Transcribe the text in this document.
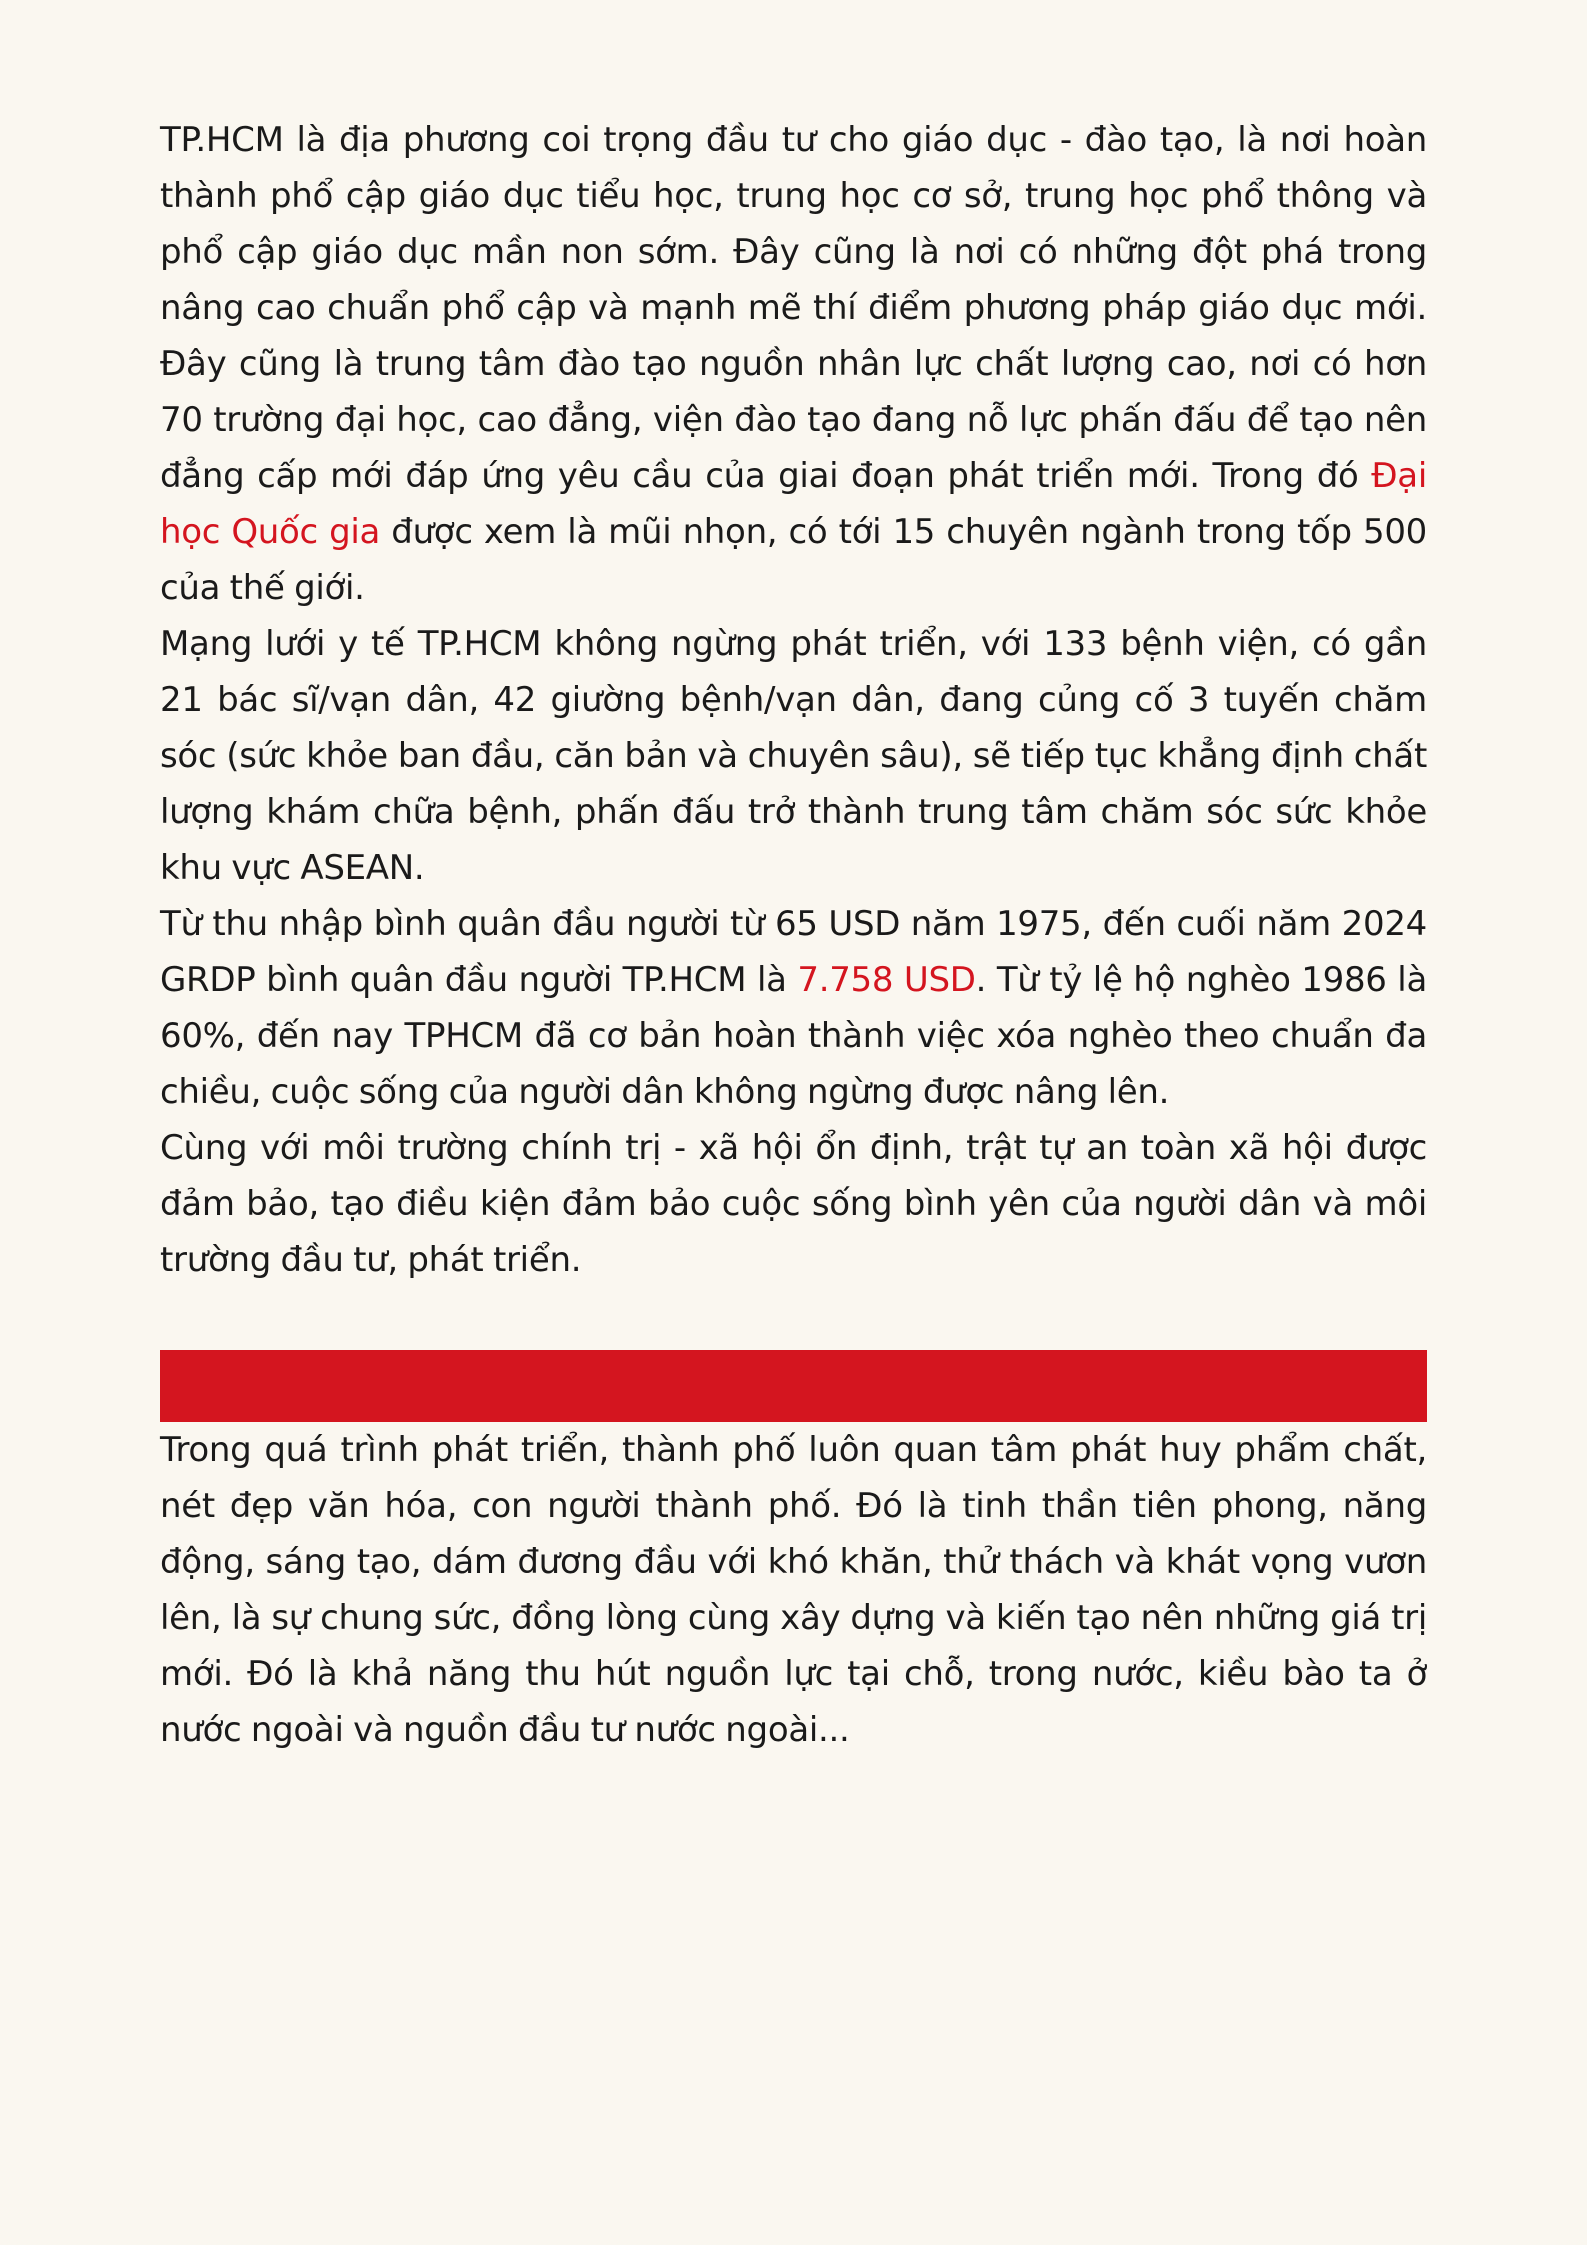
TP.HCM là địa phương coi trọng đầu tư cho giáo dục - đào tạo, là nơi hoàn thành phổ cập giáo dục tiểu học, trung học cơ sở, trung học phổ thông và phổ cập giáo dục mần non sớm. Đây cũng là nơi có những đột phá trong nâng cao chuẩn phổ cập và mạnh mẽ thí điểm phương pháp giáo dục mới. Đây cũng là trung tâm đào tạo nguồn nhân lực chất lượng cao, nơi có hơn 70 trường đại học, cao đẳng, viện đào tạo đang nỗ lực phấn đấu để tạo nên đẳng cấp mới đáp ứng yêu cầu của giai đoạn phát triển mới. Trong đó Đại học Quốc gia được xem là mũi nhọn, có tới 15 chuyên ngành trong tốp 500 của thế giới.

Mạng lưới y tế TP.HCM không ngừng phát triển, với 133 bệnh viện, có gần 21 bác sĩ/vạn dân, 42 giường bệnh/vạn dân, đang củng cố 3 tuyến chăm sóc (sức khỏe ban đầu, căn bản và chuyên sâu), sẽ tiếp tục khẳng định chất lượng khám chữa bệnh, phấn đấu trở thành trung tâm chăm sóc sức khỏe khu vực ASEAN.

Từ thu nhập bình quân đầu người từ 65 USD năm 1975, đến cuối năm 2024 GRDP bình quân đầu người TP.HCM là 7.758 USD. Từ tỷ lệ hộ nghèo 1986 là 60%, đến nay TPHCM đã cơ bản hoàn thành việc xóa nghèo theo chuẩn đa chiều, cuộc sống của người dân không ngừng được nâng lên.

Cùng với môi trường chính trị - xã hội ổn định, trật tự an toàn xã hội được đảm bảo, tạo điều kiện đảm bảo cuộc sống bình yên của người dân và môi trường đầu tư, phát triển.

Trong quá trình phát triển, thành phố luôn quan tâm phát huy phẩm chất, nét đẹp văn hóa, con người thành phố. Đó là tinh thần tiên phong, năng động, sáng tạo, dám đương đầu với khó khăn, thử thách và khát vọng vươn lên, là sự chung sức, đồng lòng cùng xây dựng và kiến tạo nên những giá trị mới. Đó là khả năng thu hút nguồn lực tại chỗ, trong nước, kiều bào ta ở nước ngoài và nguồn đầu tư nước ngoài...
